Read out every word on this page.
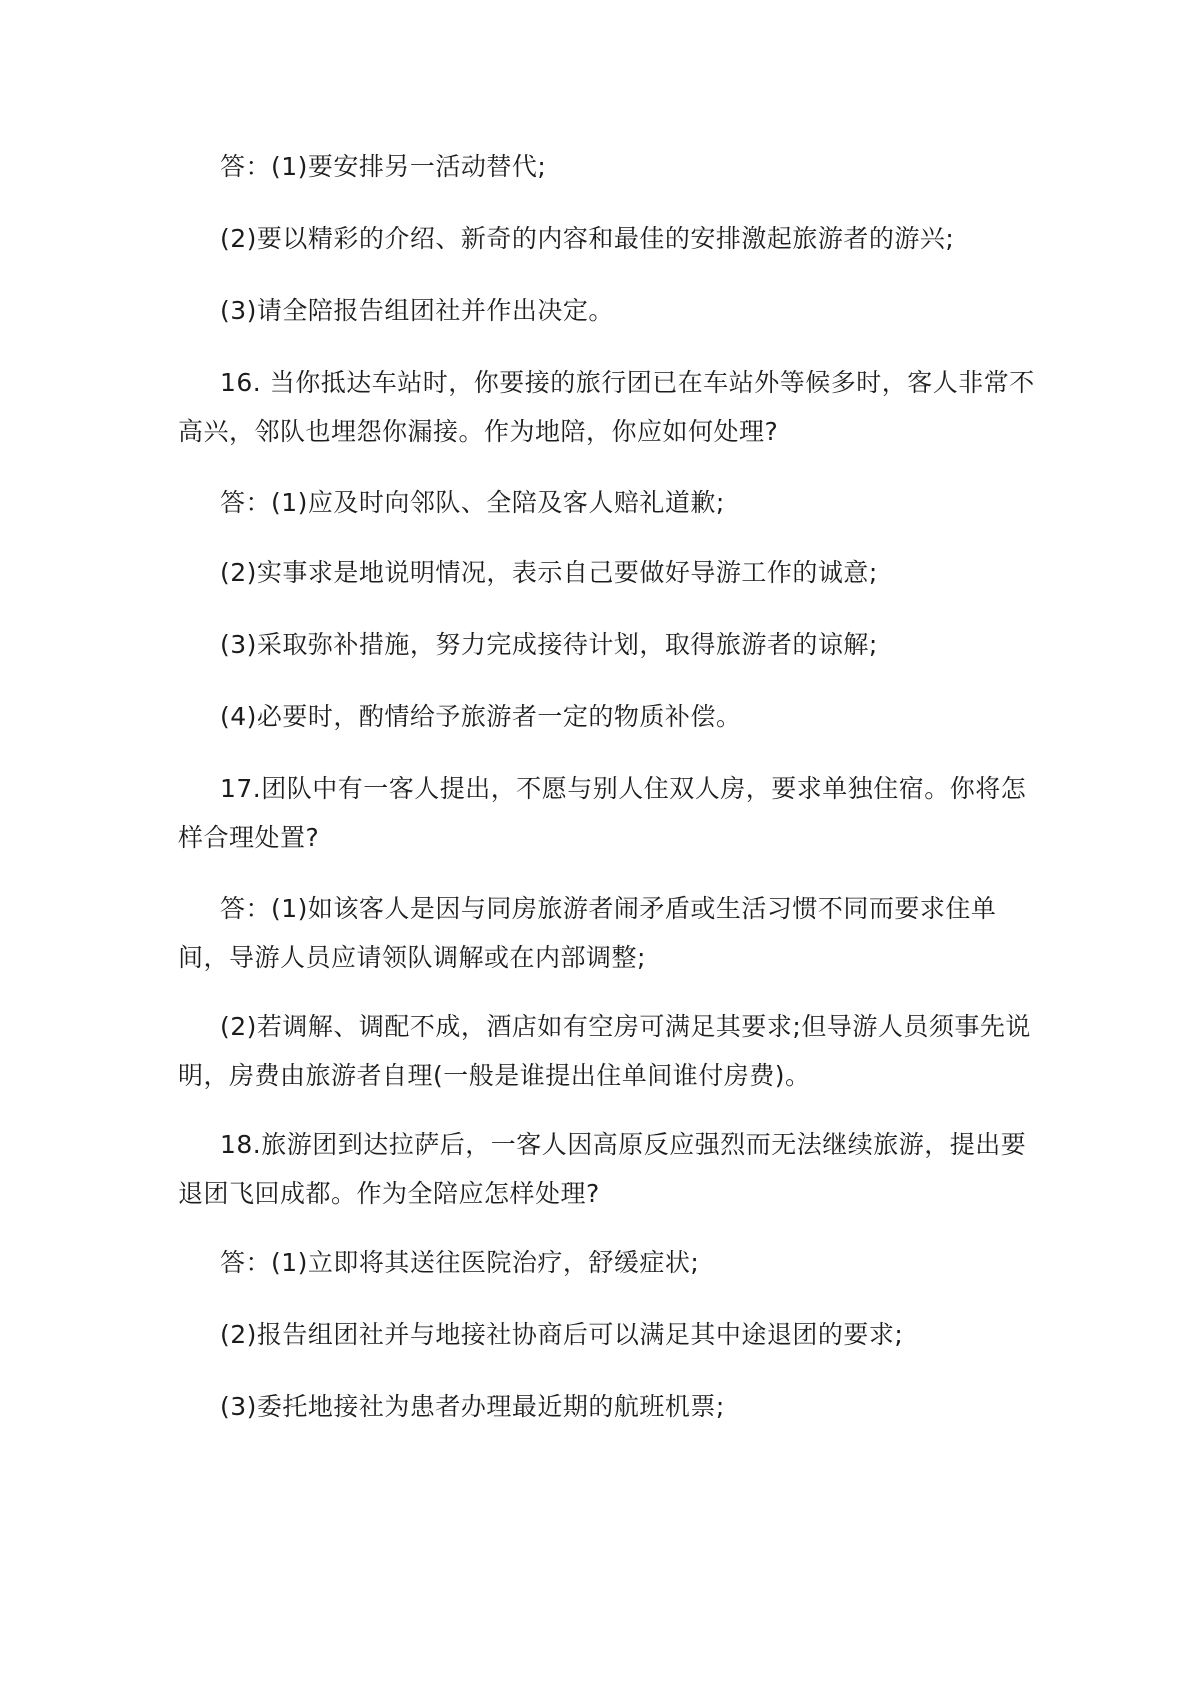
答：(1)要安排另一活动替代;

(2)要以精彩的介绍、新奇的内容和最佳的安排激起旅游者的游兴;

(3)请全陪报告组团社并作出决定。

16. 当你抵达车站时，你要接的旅行团已在车站外等候多时，客人非常不高兴，邻队也埋怨你漏接。作为地陪，你应如何处理?

答：(1)应及时向邻队、全陪及客人赔礼道歉;

(2)实事求是地说明情况，表示自己要做好导游工作的诚意;

(3)采取弥补措施，努力完成接待计划，取得旅游者的谅解;

(4)必要时，酌情给予旅游者一定的物质补偿。

17.团队中有一客人提出，不愿与别人住双人房，要求单独住宿。你将怎样合理处置?

答：(1)如该客人是因与同房旅游者闹矛盾或生活习惯不同而要求住单间，导游人员应请领队调解或在内部调整;

(2)若调解、调配不成，酒店如有空房可满足其要求;但导游人员须事先说明，房费由旅游者自理(一般是谁提出住单间谁付房费)。

18.旅游团到达拉萨后，一客人因高原反应强烈而无法继续旅游，提出要退团飞回成都。作为全陪应怎样处理?

答：(1)立即将其送往医院治疗，舒缓症状;

(2)报告组团社并与地接社协商后可以满足其中途退团的要求;

(3)委托地接社为患者办理最近期的航班机票;
